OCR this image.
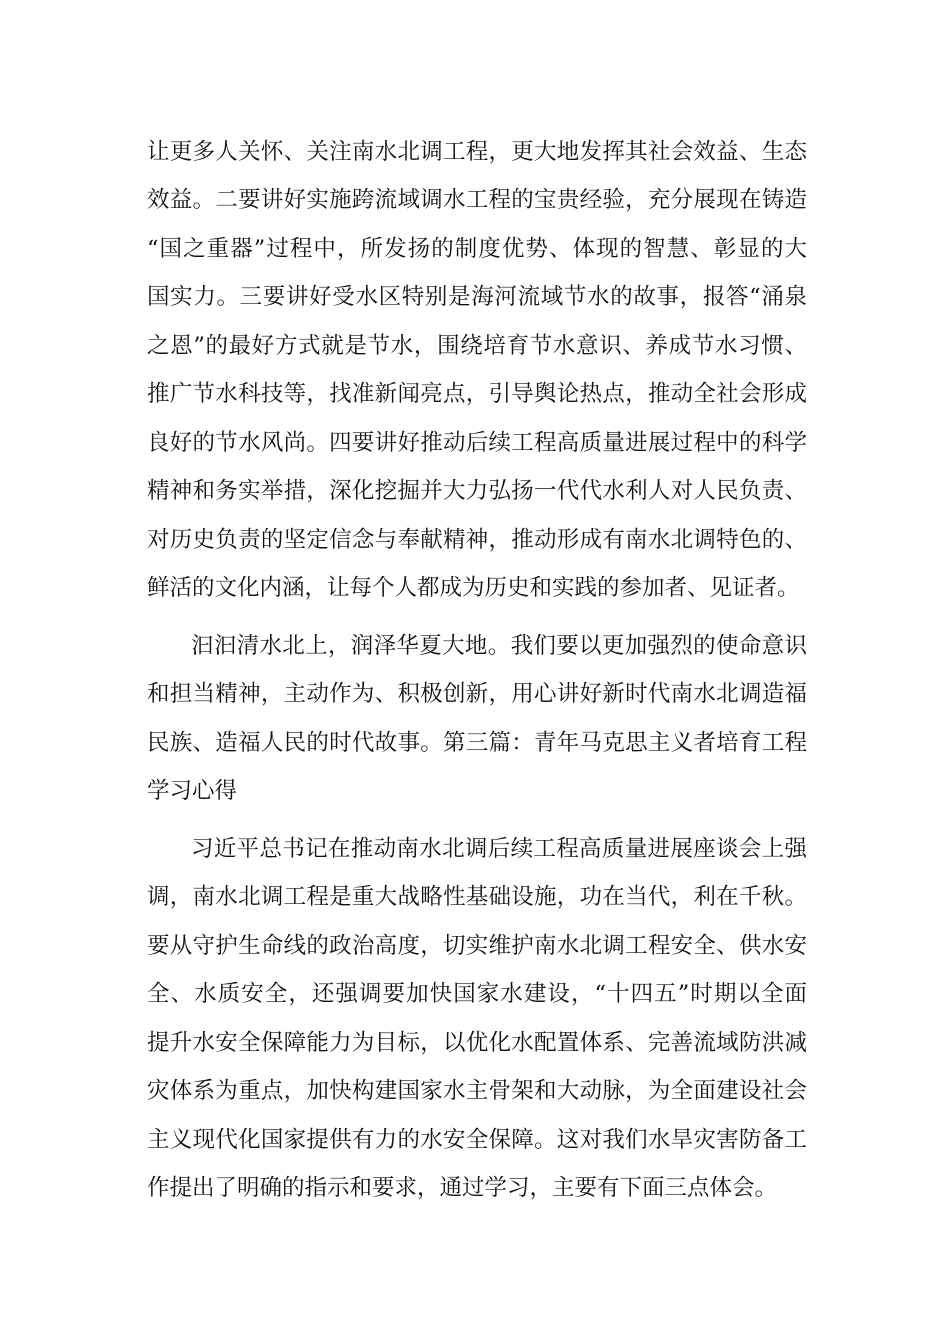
让更多人关怀、关注南水北调工程，更大地发挥其社会效益、生态
效益。二要讲好实施跨流域调水工程的宝贵经验，充分展现在铸造
“国之重器”过程中，所发扬的制度优势、体现的智慧、彰显的大
国实力。三要讲好受水区特别是海河流域节水的故事，报答“涌泉
之恩”的最好方式就是节水，围绕培育节水意识、养成节水习惯、
推广节水科技等，找准新闻亮点，引导舆论热点，推动全社会形成
良好的节水风尚。四要讲好推动后续工程高质量进展过程中的科学
精神和务实举措，深化挖掘并大力弘扬一代代水利人对人民负责、
对历史负责的坚定信念与奉献精神，推动形成有南水北调特色的、
鲜活的文化内涵，让每个人都成为历史和实践的参加者、见证者。
汩汩清水北上，润泽华夏大地。我们要以更加强烈的使命意识
和担当精神，主动作为、积极创新，用心讲好新时代南水北调造福
民族、造福人民的时代故事。第三篇：青年马克思主义者培育工程
学习心得
习近平总书记在推动南水北调后续工程高质量进展座谈会上强
调，南水北调工程是重大战略性基础设施，功在当代，利在千秋。
要从守护生命线的政治高度，切实维护南水北调工程安全、供水安
全、水质安全，还强调要加快国家水建设，“十四五”时期以全面
提升水安全保障能力为目标，以优化水配置体系、完善流域防洪减
灾体系为重点，加快构建国家水主骨架和大动脉，为全面建设社会
主义现代化国家提供有力的水安全保障。这对我们水旱灾害防备工
作提出了明确的指示和要求，通过学习，主要有下面三点体会。
